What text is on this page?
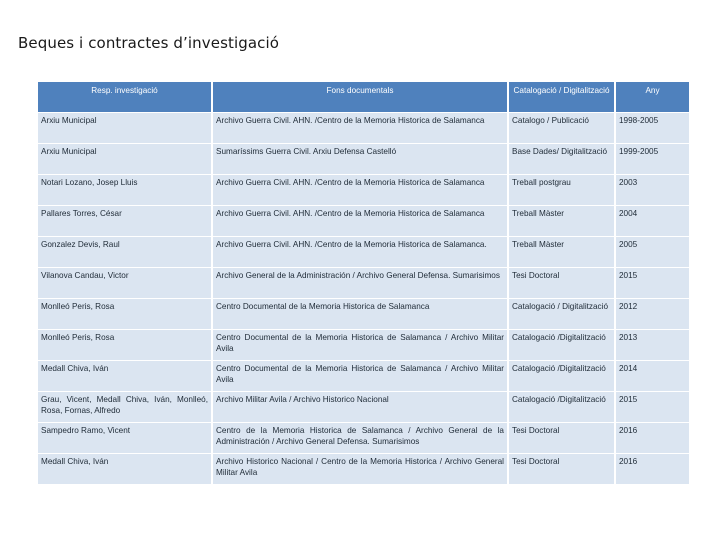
Beques i contractes d’investigació
Resp. investigació	Fons documentals	Catalogació / Digitalització	Any
Arxiu Municipal	Archivo Guerra Civil. AHN. /Centro de la Memoria Historica de Salamanca	Catalogo / Publicació	1998-2005
Arxiu Municipal	Sumaríssims Guerra Civil. Arxiu Defensa Castelló	Base Dades/ Digitalització	1999-2005
Notari Lozano, Josep Lluis	Archivo Guerra Civil. AHN. /Centro de la Memoria Historica de Salamanca	Treball postgrau	2003
Pallares Torres, César	Archivo Guerra Civil. AHN. /Centro de la Memoria Historica de Salamanca	Treball Màster	2004
Gonzalez Devis, Raul	Archivo Guerra Civil. AHN. /Centro de la Memoria Historica de Salamanca.	Treball Màster	2005
Vilanova Candau, Victor	Archivo General de la Administración / Archivo General Defensa. Sumarisimos	Tesi Doctoral	2015
Monlleó Peris, Rosa	Centro Documental de la Memoria Historica de Salamanca	Catalogació / Digitalització	2012
Monlleó Peris, Rosa	Centro Documental de la Memoria Historica de Salamanca / Archivo Militar Avila	Catalogació /Digitalització	2013
Medall Chiva, Iván	Centro Documental de la Memoria Historica de Salamanca / Archivo Militar Avila	Catalogació /Digitalització	2014
Grau, Vicent, Medall Chiva, Iván, Monlleó, Rosa, Fornas, Alfredo	Archivo Militar Avila / Archivo Historico Nacional	Catalogació /Digitalització	2015
Sampedro Ramo, Vicent	Centro de la Memoria Historica de Salamanca / Archivo General de la Administración / Archivo General Defensa. Sumarisimos	Tesi Doctoral	2016
Medall Chiva, Iván	Archivo Historico Nacional / Centro de la Memoria Historica / Archivo General Militar Avila	Tesi Doctoral	2016
